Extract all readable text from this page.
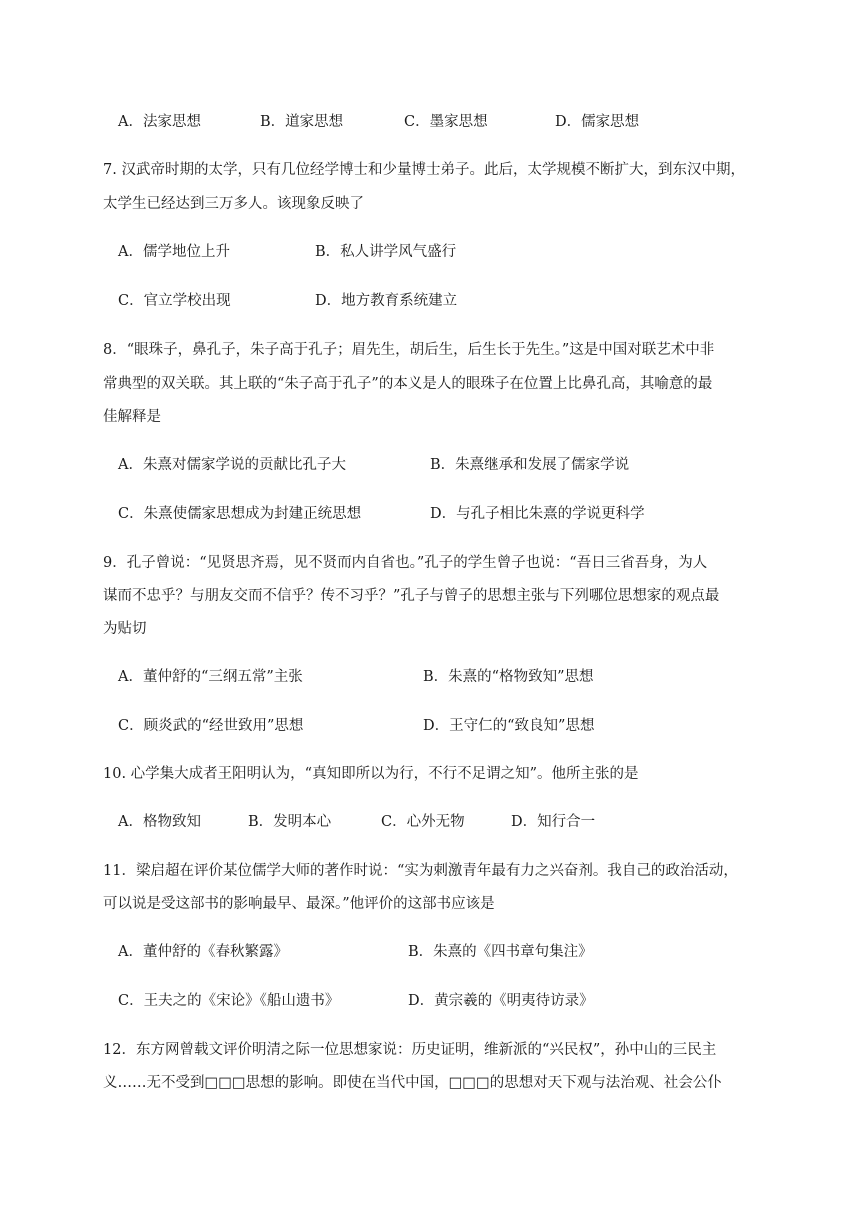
A．法家思想	B．道家思想	C．墨家思想	D．儒家思想
7. 汉武帝时期的太学，只有几位经学博士和少量博士弟子。此后，太学规模不断扩大，到东汉中期，
太学生已经达到三万多人。该现象反映了
A．儒学地位上升	B．私人讲学风气盛行
C．官立学校出现	D．地方教育系统建立
8．“眼珠子，鼻孔子，朱子高于孔子；眉先生，胡后生，后生长于先生。”这是中国对联艺术中非
常典型的双关联。其上联的“朱子高于孔子”的本义是人的眼珠子在位置上比鼻孔高，其喻意的最
佳解释是
A．朱熹对儒家学说的贡献比孔子大	B．朱熹继承和发展了儒家学说
C．朱熹使儒家思想成为封建正统思想	D．与孔子相比朱熹的学说更科学
9．孔子曾说：“见贤思齐焉，见不贤而内自省也。”孔子的学生曾子也说：“吾日三省吾身，为人
谋而不忠乎？与朋友交而不信乎？传不习乎？”孔子与曾子的思想主张与下列哪位思想家的观点最
为贴切
A．董仲舒的“三纲五常”主张	B．朱熹的“格物致知”思想
C．顾炎武的“经世致用”思想	D．王守仁的“致良知”思想
10. 心学集大成者王阳明认为，“真知即所以为行，不行不足谓之知”。他所主张的是
A．格物致知	B．发明本心	C．心外无物	D．知行合一
11．梁启超在评价某位儒学大师的著作时说：“实为刺激青年最有力之兴奋剂。我自己的政治活动，
可以说是受这部书的影响最早、最深。”他评价的这部书应该是
A．董仲舒的《春秋繁露》	B．朱熹的《四书章句集注》
C．王夫之的《宋论》《船山遗书》	D．黄宗羲的《明夷待访录》
12．东方网曾载文评价明清之际一位思想家说：历史证明，维新派的“兴民权”，孙中山的三民主
义……无不受到□□□思想的影响。即使在当代中国，□□□的思想对天下观与法治观、社会公仆
